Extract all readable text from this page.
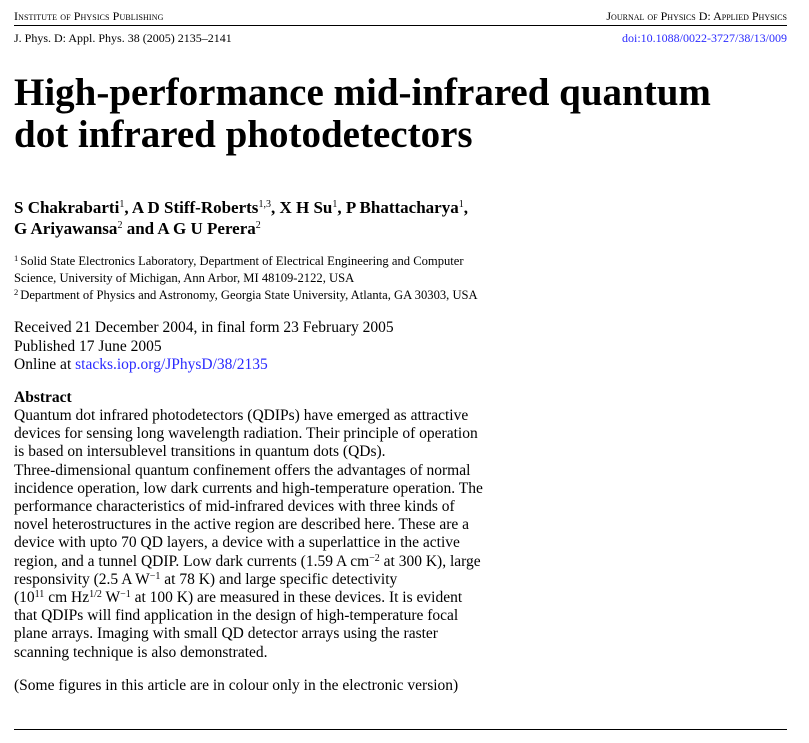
Institute of Physics Publishing	Journal of Physics D: Applied Physics
J. Phys. D: Appl. Phys. 38 (2005) 2135–2141	doi:10.1088/0022-3727/38/13/009
High-performance mid-infrared quantum
dot infrared photodetectors
S Chakrabarti$^1$, A D Stiff-Roberts$^{1,3}$, X H Su$^1$, P Bhattacharya$^1$,
G Ariyawansa$^2$ and A G U Perera$^2$
$^1$ Solid State Electronics Laboratory, Department of Electrical Engineering and Computer
Science, University of Michigan, Ann Arbor, MI 48109-2122, USA
$^2$ Department of Physics and Astronomy, Georgia State University, Atlanta, GA 30303, USA
Received 21 December 2004, in final form 23 February 2005
Published 17 June 2005
Online at stacks.iop.org/JPhysD/38/2135
Abstract
Quantum dot infrared photodetectors (QDIPs) have emerged as attractive
devices for sensing long wavelength radiation. Their principle of operation
is based on intersublevel transitions in quantum dots (QDs).
Three-dimensional quantum confinement offers the advantages of normal
incidence operation, low dark currents and high-temperature operation. The
performance characteristics of mid-infrared devices with three kinds of
novel heterostructures in the active region are described here. These are a
device with upto 70 QD layers, a device with a superlattice in the active
region, and a tunnel QDIP. Low dark currents (1.59 A $cm^{-2}$ at 300 K), large
responsivity (2.5 A $W^{-1}$ at 78 K) and large specific detectivity
($10^{11}$ cm $Hz^{1/2}$ $W^{-1}$ at 100 K) are measured in these devices. It is evident
that QDIPs will find application in the design of high-temperature focal
plane arrays. Imaging with small QD detector arrays using the raster
scanning technique is also demonstrated.
(Some figures in this article are in colour only in the electronic version)
